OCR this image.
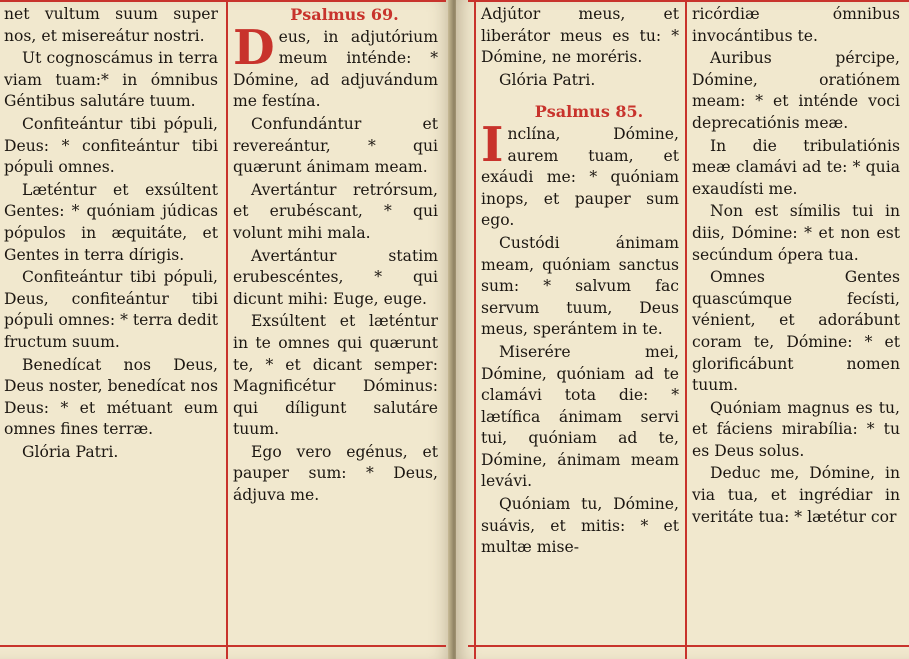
net vultum suum super nos, et misereátur nostri.

Ut cognoscámus in terra viam tuam:* in ómnibus Géntibus salutáre tuum.

Confiteántur tibi pópuli, Deus: * confiteántur tibi pópuli omnes.

Læténtur et exsúltent Gentes: * quóniam júdicas pópulos in æquitáte, et Gentes in terra dírigis.

Confiteántur tibi pópuli, Deus, confiteántur tibi pópuli omnes: * terra dedit fructum suum.

Benedícat nos Deus, Deus noster, benedícat nos Deus: * et métuant eum omnes fines terræ.

Glória Patri.

Psalmus 69.

Deus, in adjutórium meum inténde: * Dómine, ad adjuvándum me festína.

Confundántur et revereántur, * qui quærunt ánimam meam.

Avertántur retrórsum, et erubéscant, * qui volunt mihi mala.

Avertántur statim erubescéntes, * qui dicunt mihi: Euge, euge.

Exsúltent et læténtur in te omnes qui quærunt te, * et dicant semper: Magnificétur Dóminus: qui díligunt salutáre tuum.

Ego vero egénus, et pauper sum: * Deus, ádjuva me.

Adjútor meus, et liberátor meus es tu: * Dómine, ne moréris.

Glória Patri.

Psalmus 85.

Inclína, Dómine, aurem tuam, et exáudi me: * quóniam inops, et pauper sum ego.

Custódi ánimam meam, quóniam sanctus sum: * salvum fac servum tuum, Deus meus, sperántem in te.

Miserére mei, Dómine, quóniam ad te clamávi tota die: * lætífica ánimam servi tui, quóniam ad te, Dómine, ánimam meam levávi.

Quóniam tu, Dómine, suávis, et mitis: * et multæ mise-

ricórdiæ ómnibus invocántibus te.

Auribus pércipe, Dómine, oratiónem meam: * et inténde voci deprecatiónis meæ.

In die tribulatiónis meæ clamávi ad te: * quia exaudísti me.

Non est símilis tui in diis, Dómine: * et non est secúndum ópera tua.

Omnes Gentes quascúmque fecísti, vénient, et adorábunt coram te, Dómine: * et glorificábunt nomen tuum.

Quóniam magnus es tu, et fáciens mirabília: * tu es Deus solus.

Deduc me, Dómine, in via tua, et ingrédiar in veritáte tua: * lætétur cor
